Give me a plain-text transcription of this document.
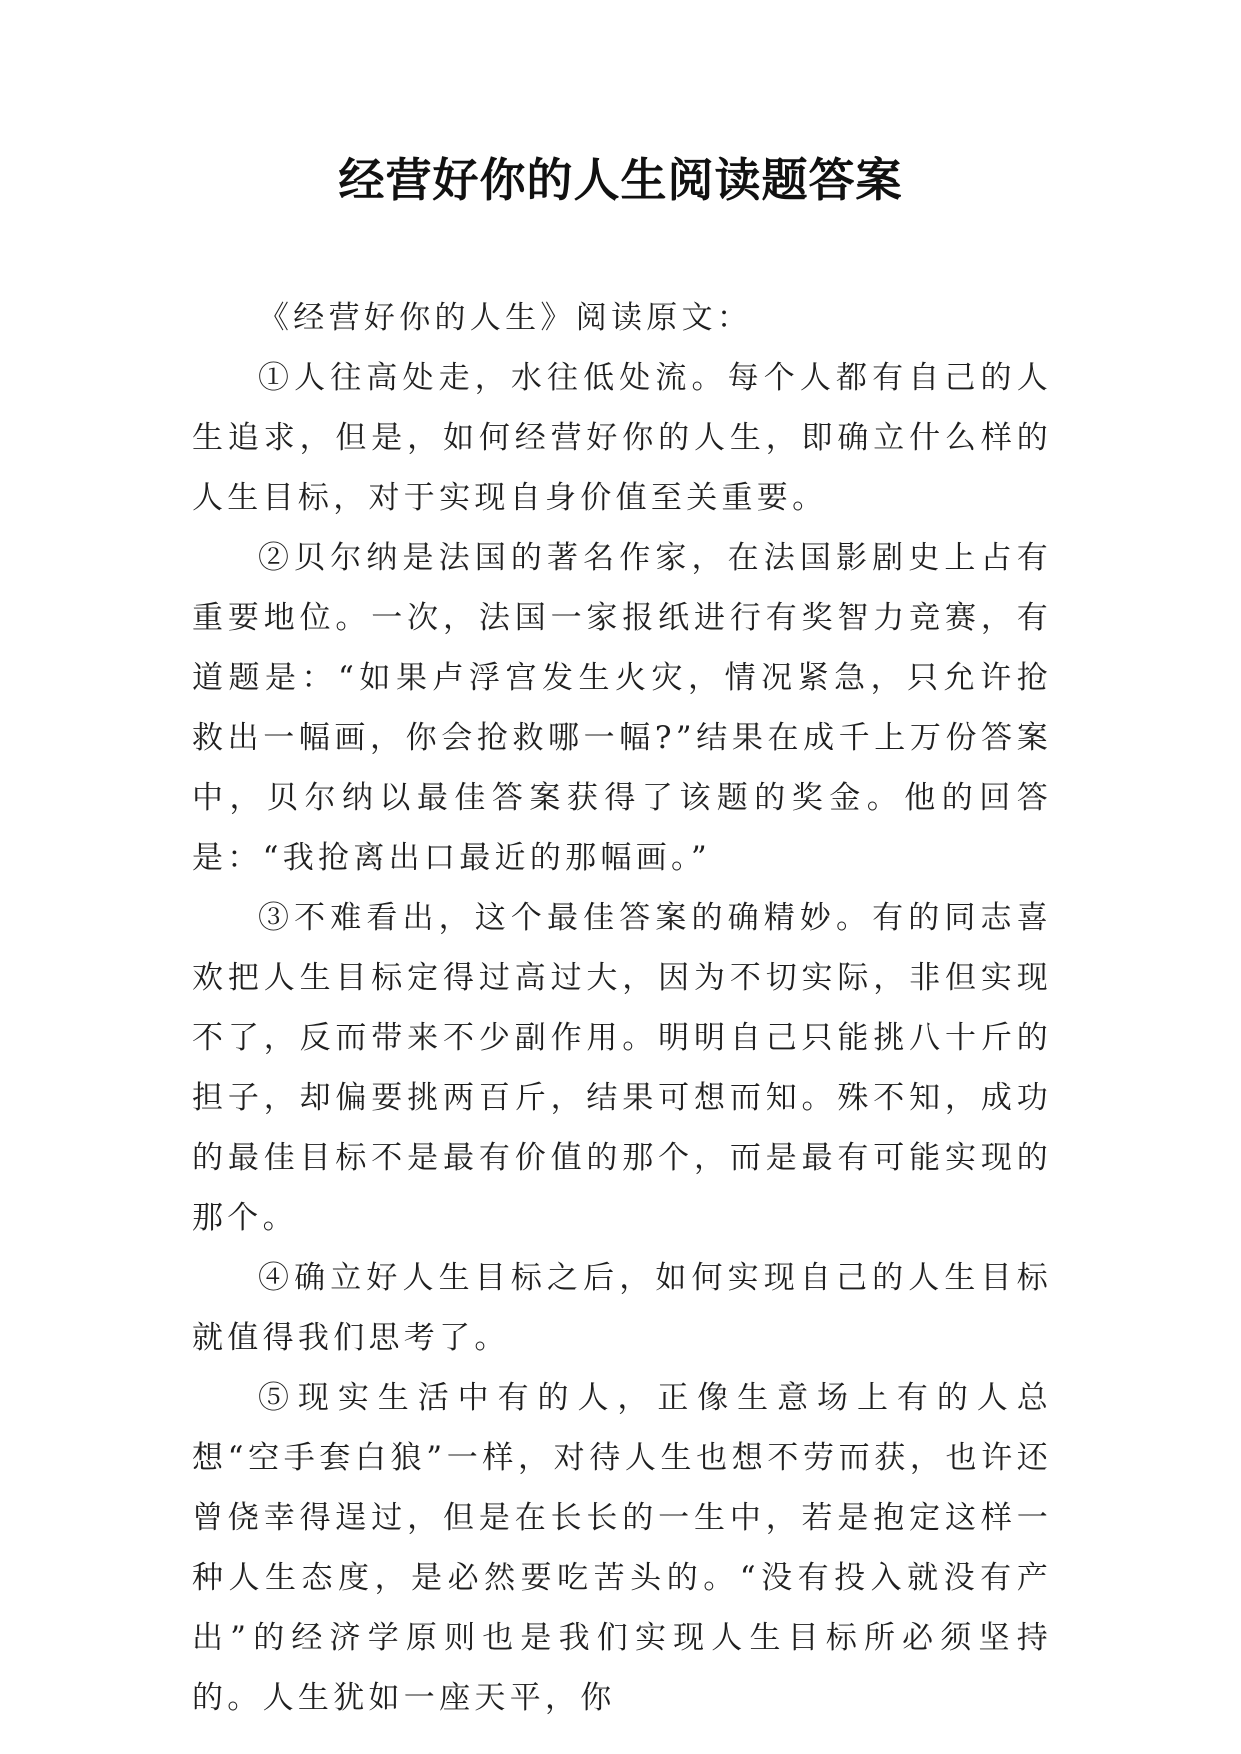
经营好你的人生阅读题答案

《经营好你的人生》阅读原文：

①人往高处走，水往低处流。每个人都有自己的人生追求，但是，如何经营好你的人生，即确立什么样的人生目标，对于实现自身价值至关重要。

②贝尔纳是法国的著名作家，在法国影剧史上占有重要地位。一次，法国一家报纸进行有奖智力竞赛，有道题是：“如果卢浮宫发生火灾，情况紧急，只允许抢救出一幅画，你会抢救哪一幅?”结果在成千上万份答案中，贝尔纳以最佳答案获得了该题的奖金。他的回答是：“我抢离出口最近的那幅画。”

③不难看出，这个最佳答案的确精妙。有的同志喜欢把人生目标定得过高过大，因为不切实际，非但实现不了，反而带来不少副作用。明明自己只能挑八十斤的担子，却偏要挑两百斤，结果可想而知。殊不知，成功的最佳目标不是最有价值的那个，而是最有可能实现的那个。

④确立好人生目标之后，如何实现自己的人生目标就值得我们思考了。

⑤现实生活中有的人，正像生意场上有的人总想“空手套白狼”一样，对待人生也想不劳而获，也许还曾侥幸得逞过，但是在长长的一生中，若是抱定这样一种人生态度，是必然要吃苦头的。“没有投入就没有产出”的经济学原则也是我们实现人生目标所必须坚持的。人生犹如一座天平，你
